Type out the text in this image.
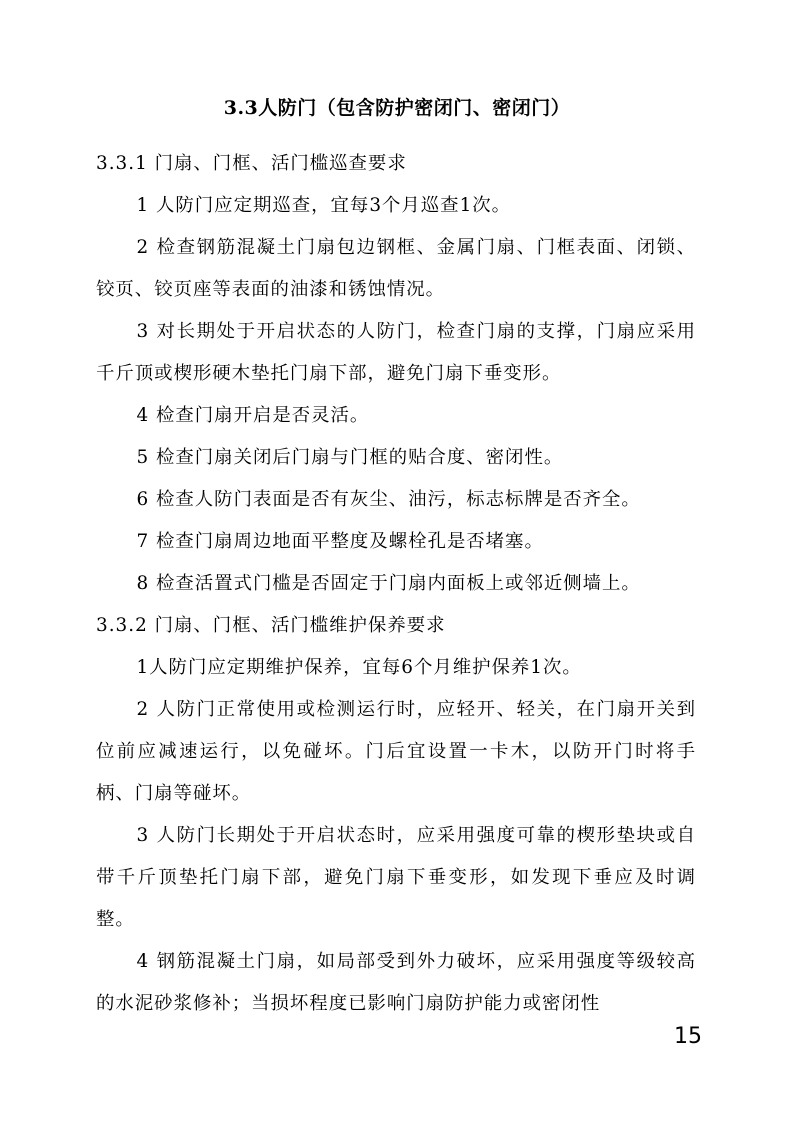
3.3人防门（包含防护密闭门、密闭门）

3.3.1 门扇、门框、活门槛巡查要求

1 人防门应定期巡查，宜每3个月巡查1次。

2 检查钢筋混凝土门扇包边钢框、金属门扇、门框表面、闭锁、铰页、铰页座等表面的油漆和锈蚀情况。

3 对长期处于开启状态的人防门，检查门扇的支撑，门扇应采用千斤顶或楔形硬木垫托门扇下部，避免门扇下垂变形。

4 检查门扇开启是否灵活。

5 检查门扇关闭后门扇与门框的贴合度、密闭性。

6 检查人防门表面是否有灰尘、油污，标志标牌是否齐全。

7 检查门扇周边地面平整度及螺栓孔是否堵塞。

8 检查活置式门槛是否固定于门扇内面板上或邻近侧墙上。

3.3.2 门扇、门框、活门槛维护保养要求

1人防门应定期维护保养，宜每6个月维护保养1次。

2 人防门正常使用或检测运行时，应轻开、轻关，在门扇开关到位前应减速运行，以免碰坏。门后宜设置一卡木，以防开门时将手柄、门扇等碰坏。

3 人防门长期处于开启状态时，应采用强度可靠的楔形垫块或自带千斤顶垫托门扇下部，避免门扇下垂变形，如发现下垂应及时调整。

4 钢筋混凝土门扇，如局部受到外力破坏，应采用强度等级较高的水泥砂浆修补；当损坏程度已影响门扇防护能力或密闭性

15
